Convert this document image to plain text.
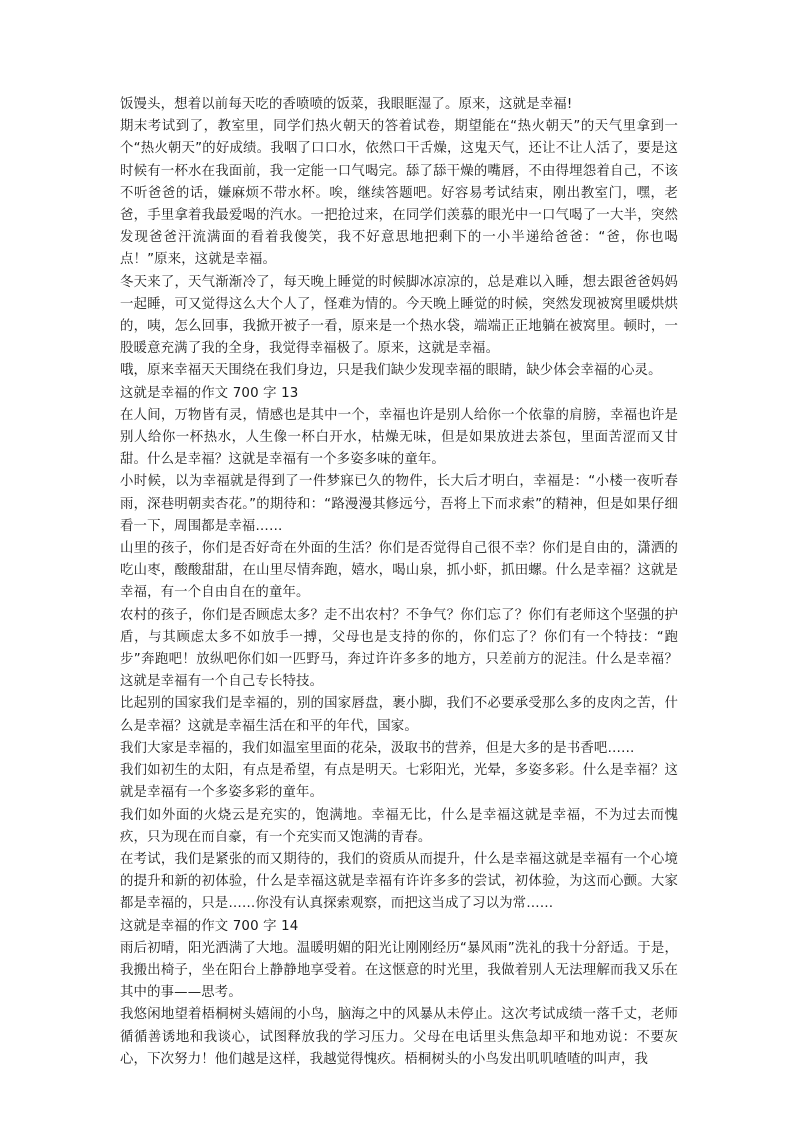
饭馒头，想着以前每天吃的香喷喷的饭菜，我眼眶湿了。原来，这就是幸福!

期末考试到了，教室里，同学们热火朝天的答着试卷，期望能在“热火朝天”的天气里拿到一个“热火朝天”的好成绩。我咽了口口水，依然口干舌燥，这鬼天气，还让不让人活了，要是这时候有一杯水在我面前，我一定能一口气喝完。舔了舔干燥的嘴唇，不由得埋怨着自己，不该不听爸爸的话，嫌麻烦不带水杯。唉，继续答题吧。好容易考试结束，刚出教室门，嘿，老爸，手里拿着我最爱喝的汽水。一把抢过来，在同学们羡慕的眼光中一口气喝了一大半，突然发现爸爸汗流满面的看着我傻笑，我不好意思地把剩下的一小半递给爸爸：“爸，你也喝点！”原来，这就是幸福。

冬天来了，天气渐渐冷了，每天晚上睡觉的时候脚冰凉凉的，总是难以入睡，想去跟爸爸妈妈一起睡，可又觉得这么大个人了，怪难为情的。今天晚上睡觉的时候，突然发现被窝里暖烘烘的，咦，怎么回事，我掀开被子一看，原来是一个热水袋，端端正正地躺在被窝里。顿时，一股暖意充满了我的全身，我觉得幸福极了。原来，这就是幸福。

哦，原来幸福天天围绕在我们身边，只是我们缺少发现幸福的眼睛，缺少体会幸福的心灵。

这就是幸福的作文 700 字 13

在人间，万物皆有灵，情感也是其中一个，幸福也许是别人给你一个依靠的肩膀，幸福也许是别人给你一杯热水，人生像一杯白开水，枯燥无味，但是如果放进去茶包，里面苦涩而又甘甜。什么是幸福？这就是幸福有一个多姿多味的童年。

小时候，以为幸福就是得到了一件梦寐已久的物件，长大后才明白，幸福是：“小楼一夜听春雨，深巷明朝卖杏花。”的期待和：“路漫漫其修远兮，吾将上下而求索”的精神，但是如果仔细看一下，周围都是幸福……

山里的孩子，你们是否好奇在外面的生活？你们是否觉得自己很不幸？你们是自由的，潇洒的吃山枣，酸酸甜甜，在山里尽情奔跑，嬉水，喝山泉，抓小虾，抓田螺。什么是幸福？这就是幸福，有一个自由自在的童年。

农村的孩子，你们是否顾虑太多？走不出农村？不争气？你们忘了？你们有老师这个坚强的护盾，与其顾虑太多不如放手一搏，父母也是支持的你的，你们忘了？你们有一个特技：“跑步”奔跑吧！放纵吧你们如一匹野马，奔过许许多多的地方，只差前方的泥洼。什么是幸福？这就是幸福有一个自己专长特技。

比起别的国家我们是幸福的，别的国家唇盘，裹小脚，我们不必要承受那么多的皮肉之苦，什么是幸福？这就是幸福生活在和平的年代，国家。

我们大家是幸福的，我们如温室里面的花朵，汲取书的营养，但是大多的是书香吧……

我们如初生的太阳，有点是希望，有点是明天。七彩阳光，光晕，多姿多彩。什么是幸福？这就是幸福有一个多姿多彩的童年。

我们如外面的火烧云是充实的，饱满地。幸福无比，什么是幸福这就是幸福，不为过去而愧疚，只为现在而自豪，有一个充实而又饱满的青春。

在考试，我们是紧张的而又期待的，我们的资质从而提升，什么是幸福这就是幸福有一个心境的提升和新的初体验，什么是幸福这就是幸福有许许多多的尝试，初体验，为这而心颤。大家都是幸福的，只是……你没有认真探索观察，而把这当成了习以为常……

这就是幸福的作文 700 字 14

雨后初晴，阳光洒满了大地。温暖明媚的阳光让刚刚经历“暴风雨”洗礼的我十分舒适。于是，我搬出椅子，坐在阳台上静静地享受着。在这惬意的时光里，我做着别人无法理解而我又乐在其中的事——思考。

我悠闲地望着梧桐树头嬉闹的小鸟，脑海之中的风暴从未停止。这次考试成绩一落千丈，老师循循善诱地和我谈心，试图释放我的学习压力。父母在电话里头焦急却平和地劝说：不要灰心，下次努力！他们越是这样，我越觉得愧疚。梧桐树头的小鸟发出叽叽喳喳的叫声，我
